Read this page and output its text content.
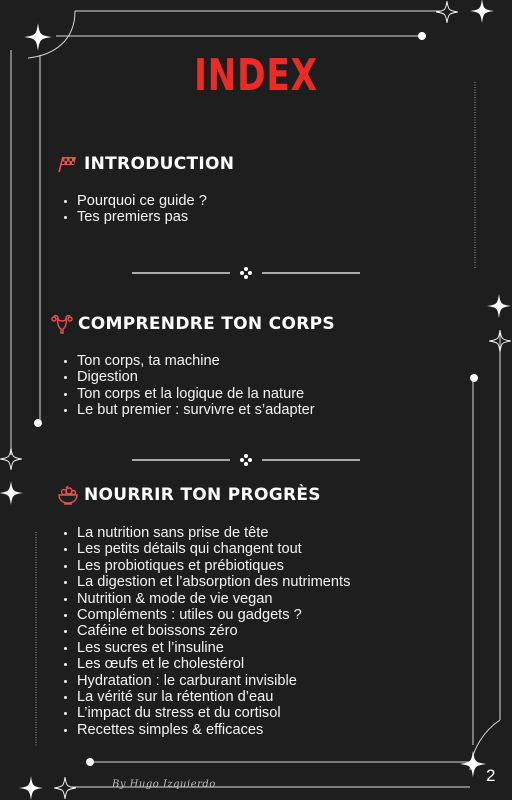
INDEX
INTRODUCTION
• Pourquoi ce guide ?
• Tes premiers pas
COMPRENDRE TON CORPS
• Ton corps, ta machine
• Digestion
• Ton corps et la logique de la nature
• Le but premier : survivre et s’adapter
NOURRIR TON PROGRÈS
• La nutrition sans prise de tête
• Les petits détails qui changent tout
• Les probiotiques et prébiotiques
• La digestion et l’absorption des nutriments
• Nutrition & mode de vie vegan
• Compléments : utiles ou gadgets ?
• Caféine et boissons zéro
• Les sucres et l’insuline
• Les œufs et le cholestérol
• Hydratation : le carburant invisible
• La vérité sur la rétention d’eau
• L’impact du stress et du cortisol
• Recettes simples & efficaces
By Hugo Izquierdo	2
